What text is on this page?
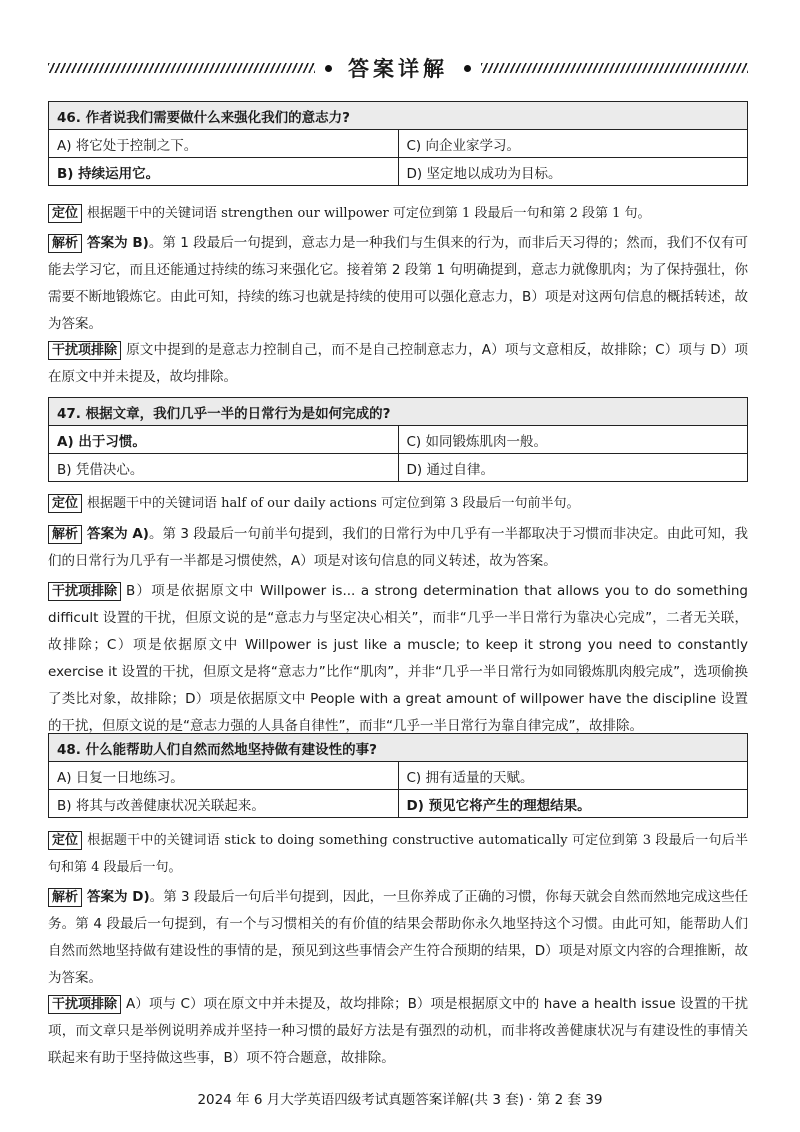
答案详解
46. 作者说我们需要做什么来强化我们的意志力?
A) 将它处于控制之下。	C) 向企业家学习。
B) 持续运用它。	D) 坚定地以成功为目标。
定位 根据题干中的关键词语 strengthen our willpower 可定位到第 1 段最后一句和第 2 段第 1 句。
解析 答案为 B)。第 1 段最后一句提到，意志力是一种我们与生俱来的行为，而非后天习得的；然而，我们不仅有可能去学习它，而且还能通过持续的练习来强化它。接着第 2 段第 1 句明确提到，意志力就像肌肉；为了保持强壮，你需要不断地锻炼它。由此可知，持续的练习也就是持续的使用可以强化意志力，B）项是对这两句信息的概括转述，故为答案。
干扰项排除 原文中提到的是意志力控制自己，而不是自己控制意志力，A）项与文意相反，故排除；C）项与 D）项在原文中并未提及，故均排除。
47. 根据文章，我们几乎一半的日常行为是如何完成的?
A) 出于习惯。	C) 如同锻炼肌肉一般。
B) 凭借决心。	D) 通过自律。
定位 根据题干中的关键词语 half of our daily actions 可定位到第 3 段最后一句前半句。
解析 答案为 A)。第 3 段最后一句前半句提到，我们的日常行为中几乎有一半都取决于习惯而非决定。由此可知，我们的日常行为几乎有一半都是习惯使然，A）项是对该句信息的同义转述，故为答案。
干扰项排除 B）项是依据原文中 Willpower is... a strong determination that allows you to do something difficult 设置的干扰，但原文说的是“意志力与坚定决心相关”，而非“几乎一半日常行为靠决心完成”，二者无关联，故排除；C）项是依据原文中 Willpower is just like a muscle; to keep it strong you need to constantly exercise it 设置的干扰，但原文是将“意志力”比作“肌肉”，并非“几乎一半日常行为如同锻炼肌肉般完成”，选项偷换了类比对象，故排除；D）项是依据原文中 People with a great amount of willpower have the discipline 设置的干扰，但原文说的是“意志力强的人具备自律性”，而非“几乎一半日常行为靠自律完成”，故排除。
48. 什么能帮助人们自然而然地坚持做有建设性的事?
A) 日复一日地练习。	C) 拥有适量的天赋。
B) 将其与改善健康状况关联起来。	D) 预见它将产生的理想结果。
定位 根据题干中的关键词语 stick to doing something constructive automatically 可定位到第 3 段最后一句后半句和第 4 段最后一句。
解析 答案为 D)。第 3 段最后一句后半句提到，因此，一旦你养成了正确的习惯，你每天就会自然而然地完成这些任务。第 4 段最后一句提到，有一个与习惯相关的有价值的结果会帮助你永久地坚持这个习惯。由此可知，能帮助人们自然而然地坚持做有建设性的事情的是，预见到这些事情会产生符合预期的结果，D）项是对原文内容的合理推断，故为答案。
干扰项排除 A）项与 C）项在原文中并未提及，故均排除；B）项是根据原文中的 have a health issue 设置的干扰项，而文章只是举例说明养成并坚持一种习惯的最好方法是有强烈的动机，而非将改善健康状况与有建设性的事情关联起来有助于坚持做这些事，B）项不符合题意，故排除。
2024 年 6 月大学英语四级考试真题答案详解(共 3 套) · 第 2 套 39
